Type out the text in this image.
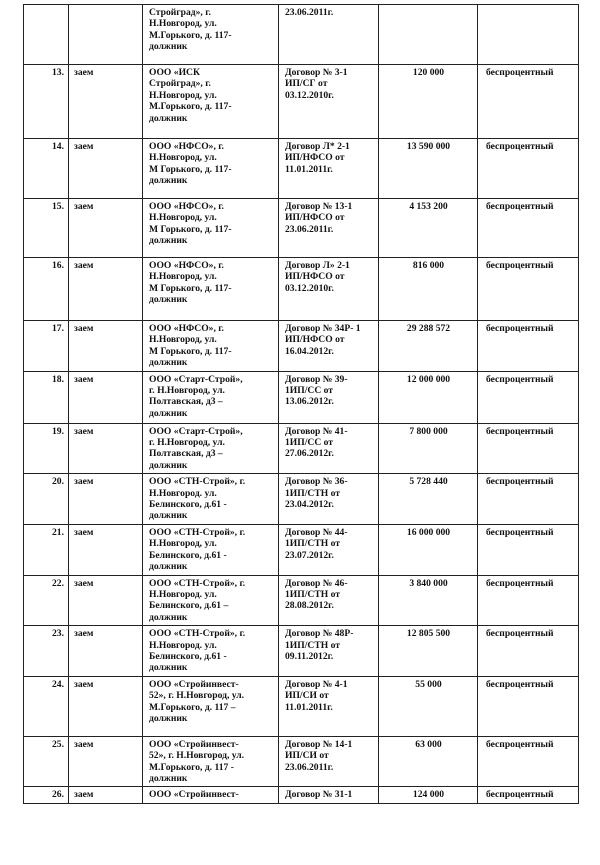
		Стройград», г.
Н.Новгород, ул.
М.Горького, д. 117-
должник	23.06.2011г.		
13.	заем	ООО «ИСК
Стройград», г.
Н.Новгород, ул.
М.Горького, д. 117-
должник	Договор № 3-1
ИП/СГ от
03.12.2010г.	120 000	беспроцентный
14.	заем	ООО «НФСО», г.
Н.Новгород, ул.
М Горького, д. 117-
должник	Договор Л* 2-1
ИП/НФСО от
11.01.2011г.	13 590 000	беспроцентный
15.	заем	ООО «НФСО», г.
Н.Новгород, ул.
М Горького, д. 117-
должник	Договор № 13-1
ИП/НФСО от
23.06.2011г.	4 153 200	беспроцентный
16.	заем	ООО «НФСО», г.
Н.Новгород, ул.
М Горького, д. 117-
должник	Договор Л» 2-1
ИП/НФСО от
03.12.2010г.	816 000	беспроцентный
17.	заем	ООО «НФСО», г.
Н.Новгород, ул.
М Горького, д. 117-
должник	Договор № 34Р- 1
ИП/НФСО от
16.04.2012г.	29 288 572	беспроцентный
18.	заем	ООО «Старт-Строй»,
г. Н.Новгород, ул.
Полтавская, д3 –
должник	Договор № 39-
1ИП/СС от
13.06.2012г.	12 000 000	беспроцентный
19.	заем	ООО «Старт-Строй»,
г. Н.Новгород, ул.
Полтавская, д3 –
должник	Договор № 41-
1ИП/СС от
27.06.2012г.	7 800 000	беспроцентный
20.	заем	ООО «СТН-Строй», г.
Н.Новгород. ул.
Белинского, д.61 -
должник	Договор № 36-
1ИП/СТН от
23.04.2012г.	5 728 440	беспроцентный
21.	заем	ООО «СТН-Строй», г.
Н.Новгород, ул.
Белинского, д.61 -
должник	Договор № 44-
1ИП/СТН от
23.07.2012г.	16 000 000	беспроцентный
22.	заем	ООО «СТН-Строй», г.
Н.Новгород. ул.
Белинского, д.61 –
должник	Договор № 46-
1ИП/СТН от
28.08.2012г.	3 840 000	беспроцентный
23.	заем	ООО «СТН-Строй», г.
Н.Новгород. ул.
Белинского, д.61 -
должник	Договор № 48Р-
1ИП/СТН от
09.11.2012г.	12 805 500	беспроцентный
24.	заем	ООО «Стройинвест-
52», г. Н.Новгород, ул.
М.Горького, д. 117 –
должник	Договор № 4-1
ИП/СИ от
11.01.2011г.	55 000	беспроцентный
25.	заем	ООО «Стройинвест-
52», г. Н.Новгород, ул.
М.Горького, д. 117 -
должник	Договор № 14-1
ИП/СИ от
23.06.2011г.	63 000	беспроцентный
26.	заем	ООО «Стройинвест-	Договор № 31-1	124 000	беспроцентный
